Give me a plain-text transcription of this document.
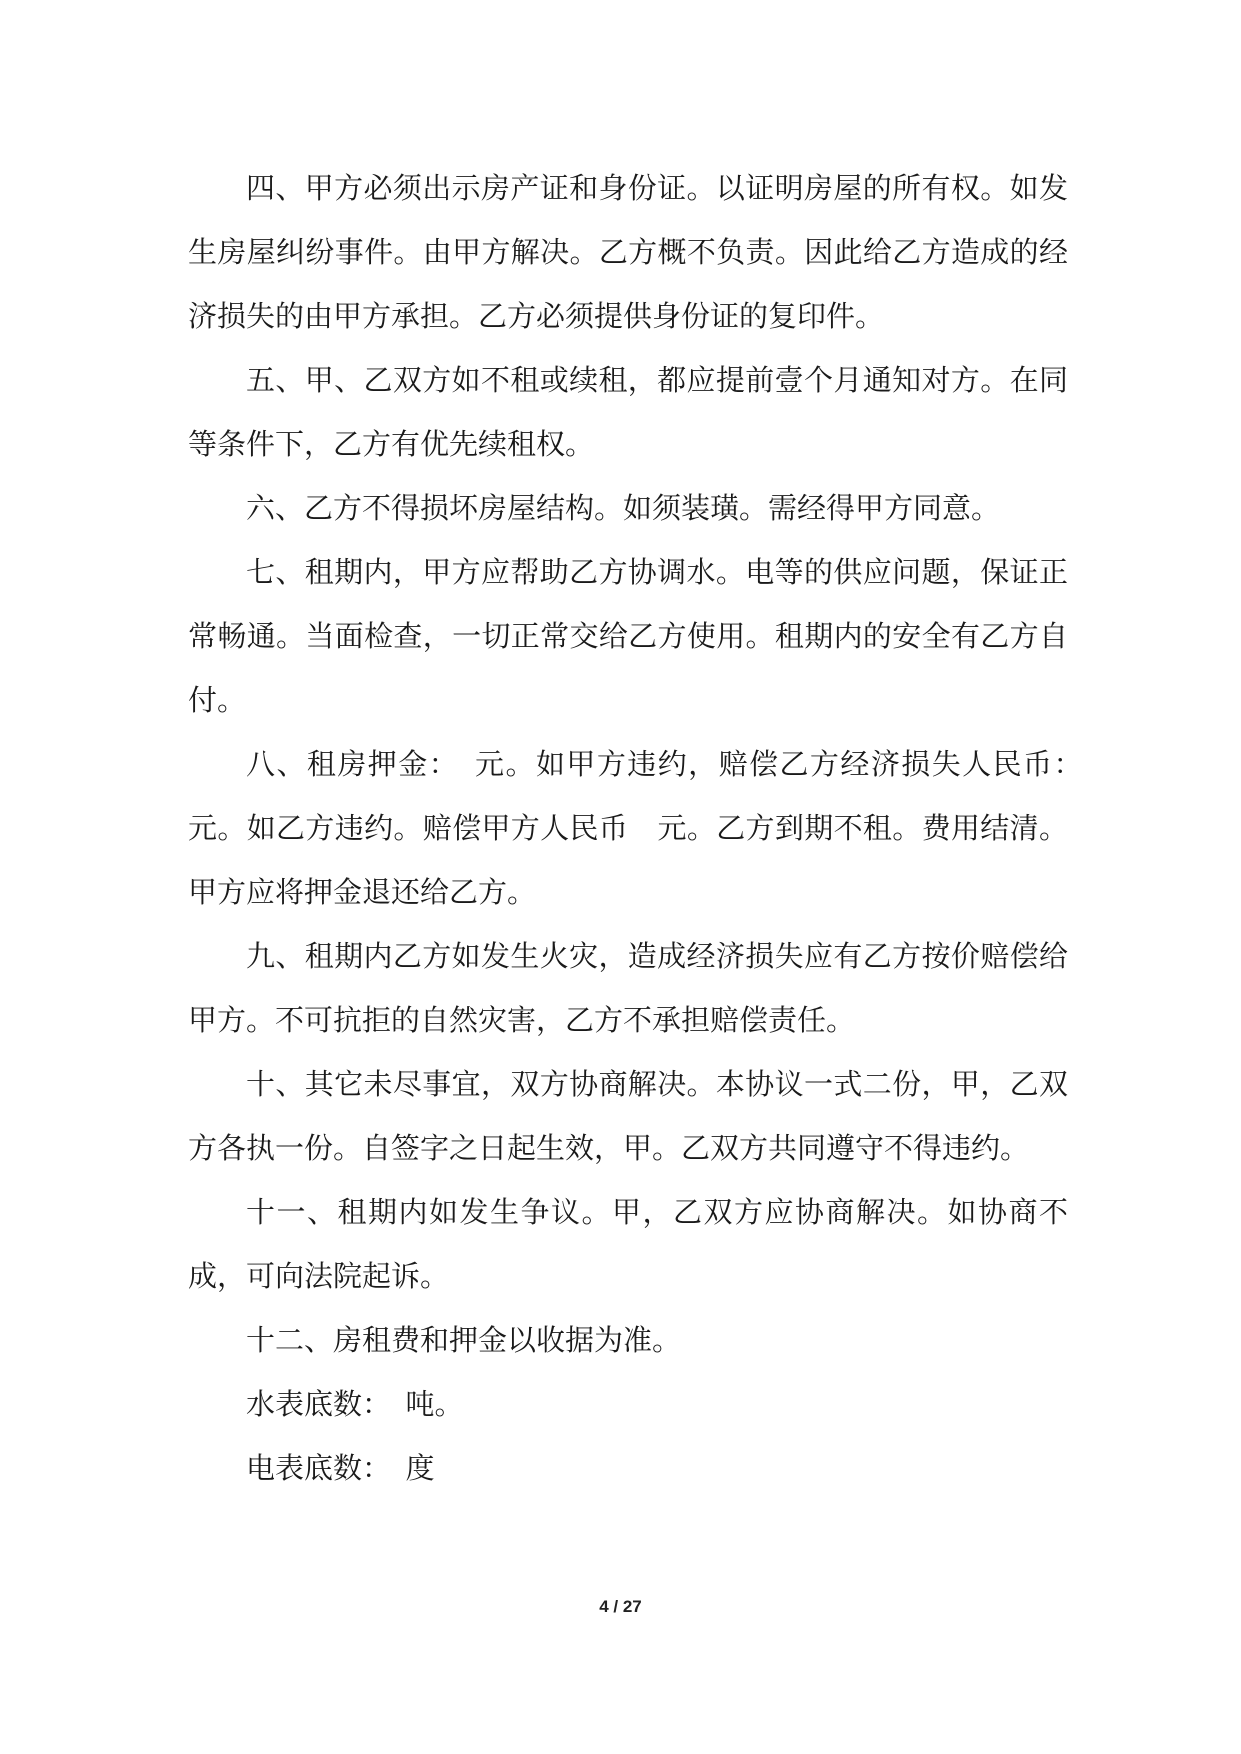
四、甲方必须出示房产证和身份证。以证明房屋的所有权。如发生房屋纠纷事件。由甲方解决。乙方概不负责。因此给乙方造成的经济损失的由甲方承担。乙方必须提供身份证的复印件。

五、甲、乙双方如不租或续租，都应提前壹个月通知对方。在同等条件下，乙方有优先续租权。

六、乙方不得损坏房屋结构。如须装璜。需经得甲方同意。

七、租期内，甲方应帮助乙方协调水。电等的供应问题，保证正常畅通。当面检查，一切正常交给乙方使用。租期内的安全有乙方自付。

八、租房押金：　元。如甲方违约，赔偿乙方经济损失人民币：　元。如乙方违约。赔偿甲方人民币　元。乙方到期不租。费用结清。甲方应将押金退还给乙方。

九、租期内乙方如发生火灾，造成经济损失应有乙方按价赔偿给甲方。不可抗拒的自然灾害，乙方不承担赔偿责任。

十、其它未尽事宜，双方协商解决。本协议一式二份，甲，乙双方各执一份。自签字之日起生效，甲。乙双方共同遵守不得违约。

十一、租期内如发生争议。甲，乙双方应协商解决。如协商不成，可向法院起诉。

十二、房租费和押金以收据为准。

水表底数：　吨。

电表底数：　度

4 / 27
